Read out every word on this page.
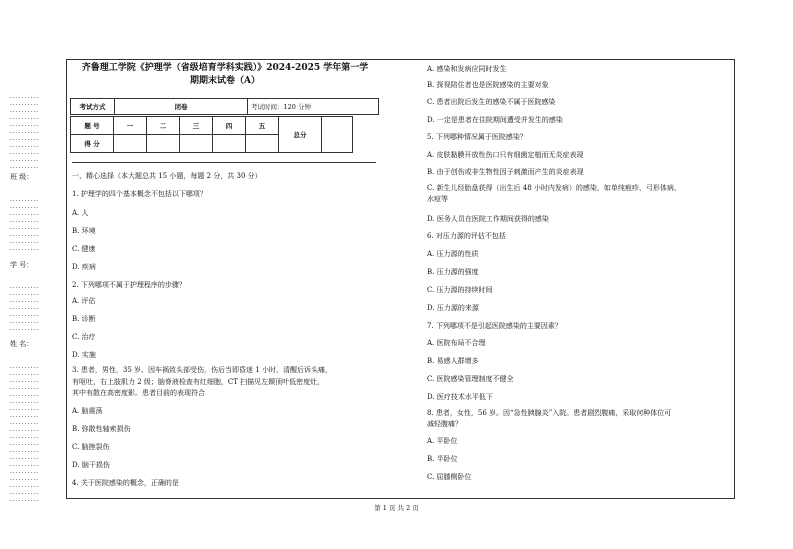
··········
··········
··········
··········
··········
··········
··········
··········
··········
··········
··········
班 级：
··········
··········
··········
··········
··········
··········
··········
··········
学 号：
··········
··········
··········
··········
··········
··········
··········
姓 名：
··········
··········
··········
··········
··········
··········
··········
··········
··········
··········
··········
··········
··········
··········
··········
··········
··········
··········
··········
··········
齐鲁理工学院《护理学（省级培育学科实践）》2024-2025 学年第一学
期期末试卷（A）
考试方式	闭卷	考试时间：120 分钟
题 号	一	二	三	四	五	总分	
得 分							
一、精心选择（本大题总共 15 小题，每题 2 分，共 30 分）
1. 护理学的四个基本概念不包括以下哪项？
A. 人
B. 环境
C. 健康
D. 疾病
2. 下列哪项不属于护理程序的步骤？
A. 评估
B. 诊断
C. 治疗
D. 实施
3. 患者，男性，35 岁。因车祸致头部受伤，伤后当即昏迷 1 小时，清醒后诉头痛，
有呕吐，右上肢肌力 2 级；脑脊液检查有红细胞，CT 扫描见左颞顶叶低密度灶，
其中有散在高密度影。患者目前的表现符合
A. 脑震荡
B. 弥散性轴索损伤
C. 脑挫裂伤
D. 脑干损伤
4. 关于医院感染的概念，正确的是
A. 感染和发病应同时发生
B. 探视陪住者也是医院感染的主要对象
C. 患者出院后发生的感染不属于医院感染
D. 一定是患者在住院期间遭受并发生的感染
5. 下列哪种情况属于医院感染？
A. 皮肤黏膜开放性伤口只有细菌定植而无炎症表现
B. 由于创伤或非生物性因子刺激而产生的炎症表现
C. 新生儿经胎盘获得（出生后 48 小时内发病）的感染，如单纯疱疹、弓形体病、
水痘等
D. 医务人员在医院工作期间获得的感染
6. 对压力源的评估不包括
A. 压力源的性质
B. 压力源的强度
C. 压力源的持续时间
D. 压力源的来源
7. 下列哪项不是引起医院感染的主要因素？
A. 医院布局不合理
B. 易感人群增多
C. 医院感染管理制度不健全
D. 医疗技术水平低下
8. 患者，女性，56 岁。因“急性胰腺炎”入院。患者剧烈腹痛，采取何种体位可
减轻腹痛？
A. 平卧位
B. 半卧位
C. 屈膝侧卧位
第 1 页 共 2 页
